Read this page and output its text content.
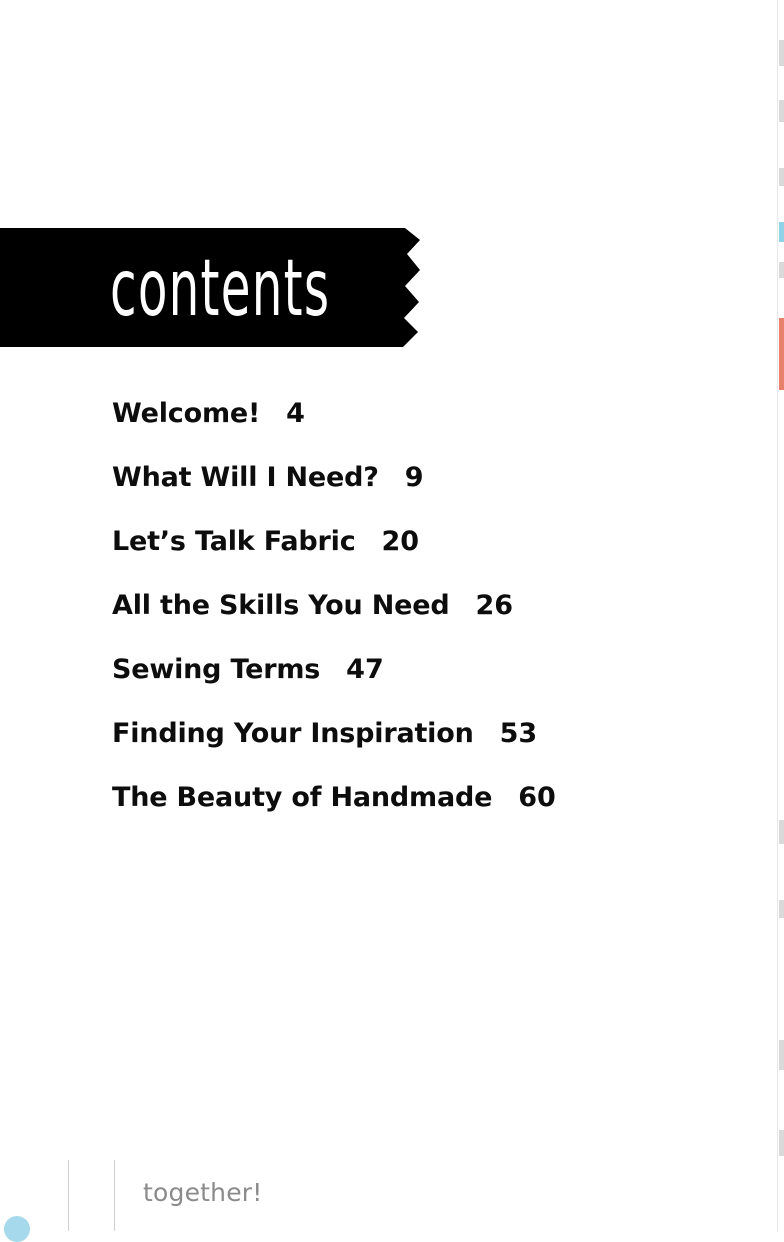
contents
Welcome! 4
What Will I Need? 9
Let’s Talk Fabric 20
All the Skills You Need 26
Sewing Terms 47
Finding Your Inspiration 53
The Beauty of Handmade 60
together!
